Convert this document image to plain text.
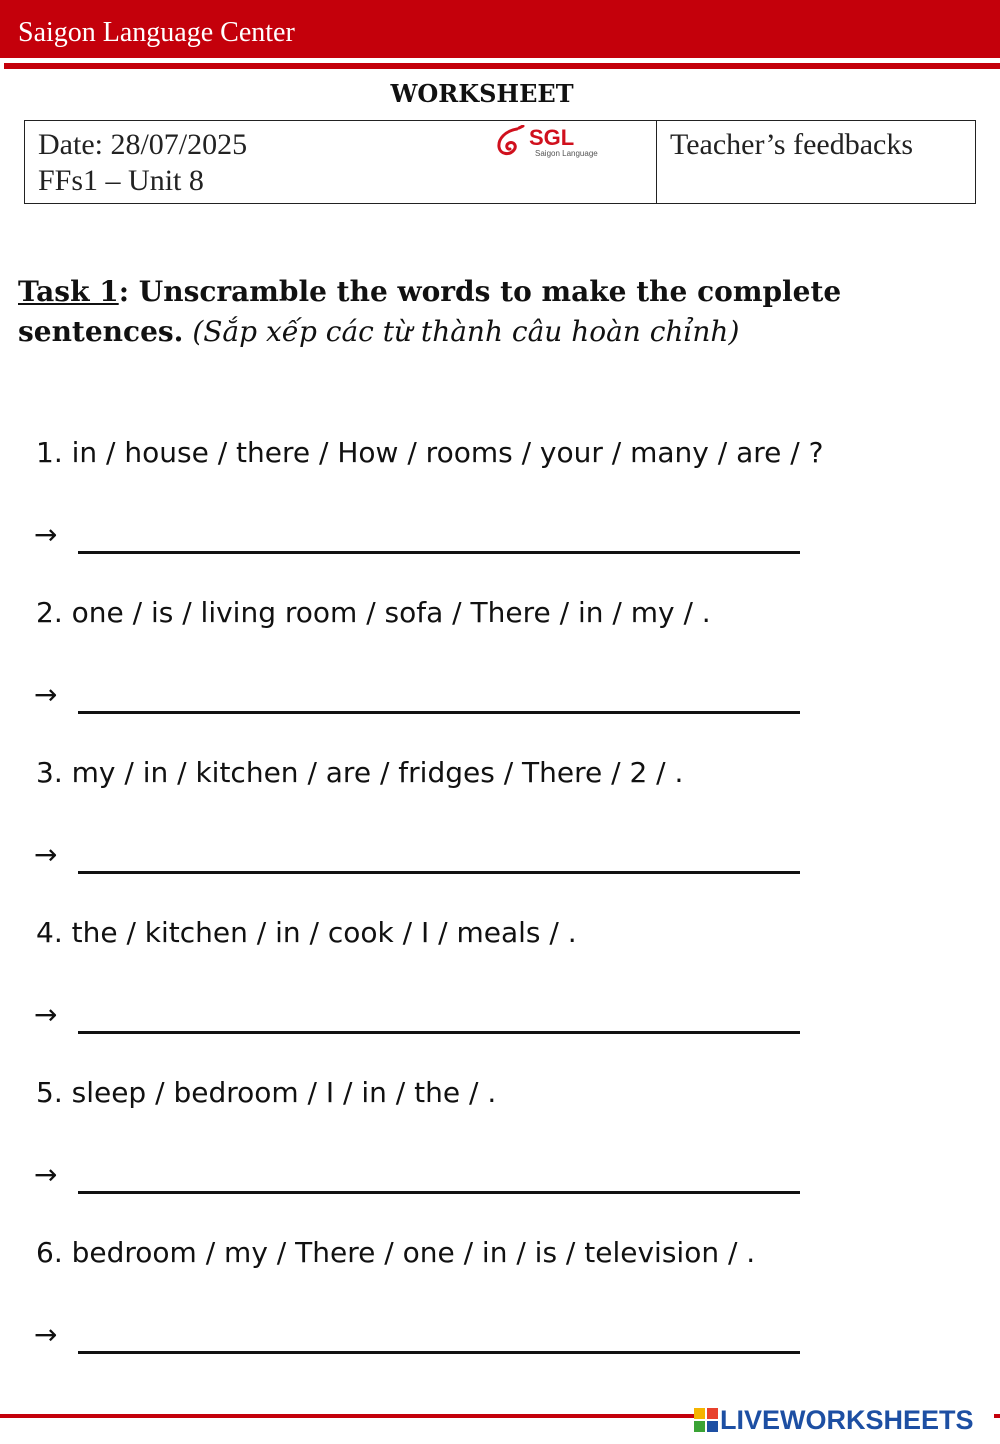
Saigon Language Center
WORKSHEET
Date: 28/07/2025
FFs1 – Unit 8
SGL
Saigon Language Teacher’s feedbacks
Task 1: Unscramble the words to make the complete sentences. (Sắp xếp các từ thành câu hoàn chỉnh)
1. in / house / there / How / rooms / your / many / are / ?
→
2. one / is / living room / sofa / There / in / my / .
→
3. my / in / kitchen / are / fridges / There / 2 / .
→
4. the / kitchen / in / cook / I / meals / .
→
5. sleep / bedroom / I / in / the / .
→
6. bedroom / my / There / one / in / is / television / .
→
LIVEWORKSHEETS
